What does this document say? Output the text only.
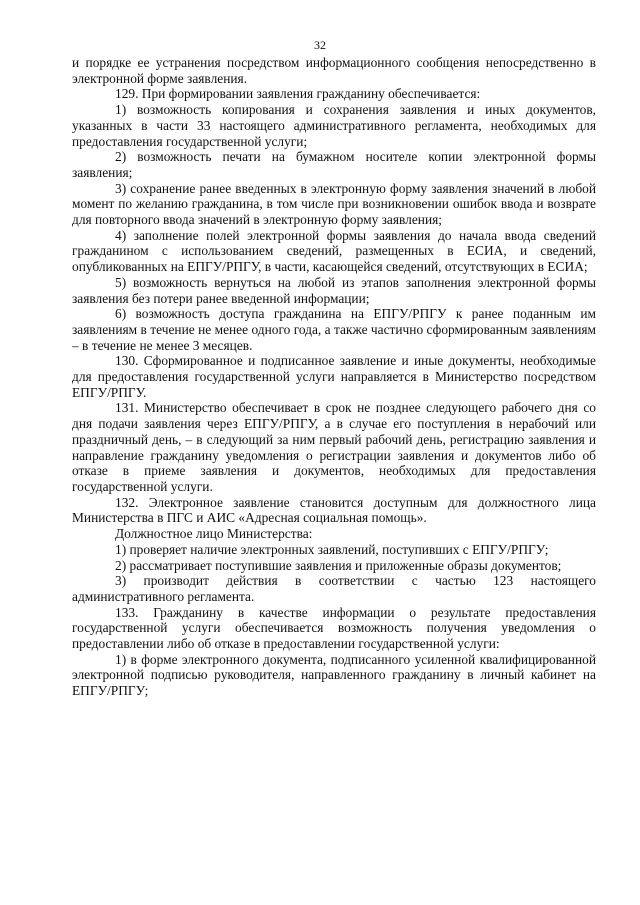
32

и порядке ее устранения посредством информационного сообщения непосредственно в электронной форме заявления.

129. При формировании заявления гражданину обеспечивается:

1) возможность копирования и сохранения заявления и иных документов, указанных в части 33 настоящего административного регламента, необходимых для предоставления государственной услуги;

2) возможность печати на бумажном носителе копии электронной формы заявления;

3) сохранение ранее введенных в электронную форму заявления значений в любой момент по желанию гражданина, в том числе при возникновении ошибок ввода и возврате для повторного ввода значений в электронную форму заявления;

4) заполнение полей электронной формы заявления до начала ввода сведений гражданином с использованием сведений, размещенных в ЕСИА, и сведений, опубликованных на ЕПГУ/РПГУ, в части, касающейся сведений, отсутствующих в ЕСИА;

5) возможность вернуться на любой из этапов заполнения электронной формы заявления без потери ранее введенной информации;

6) возможность доступа гражданина на ЕПГУ/РПГУ к ранее поданным им заявлениям в течение не менее одного года, а также частично сформированным заявлениям – в течение не менее 3 месяцев.

130. Сформированное и подписанное заявление и иные документы, необходимые для предоставления государственной услуги направляется в Министерство посредством ЕПГУ/РПГУ.

131. Министерство обеспечивает в срок не позднее следующего рабочего дня со дня подачи заявления через ЕПГУ/РПГУ, а в случае его поступления в нерабочий или праздничный день, – в следующий за ним первый рабочий день, регистрацию заявления и направление гражданину уведомления о регистрации заявления и документов либо об отказе в приеме заявления и документов, необходимых для предоставления государственной услуги.

132. Электронное заявление становится доступным для должностного лица Министерства в ПГС и АИС «Адресная социальная помощь».

Должностное лицо Министерства:

1) проверяет наличие электронных заявлений, поступивших с ЕПГУ/РПГУ;

2) рассматривает поступившие заявления и приложенные образы документов;

3) производит действия в соответствии с частью 123 настоящего административного регламента.

133. Гражданину в качестве информации о результате предоставления государственной услуги обеспечивается возможность получения уведомления о предоставлении либо об отказе в предоставлении государственной услуги:

1) в форме электронного документа, подписанного усиленной квалифицированной электронной подписью руководителя, направленного гражданину в личный кабинет на ЕПГУ/РПГУ;
